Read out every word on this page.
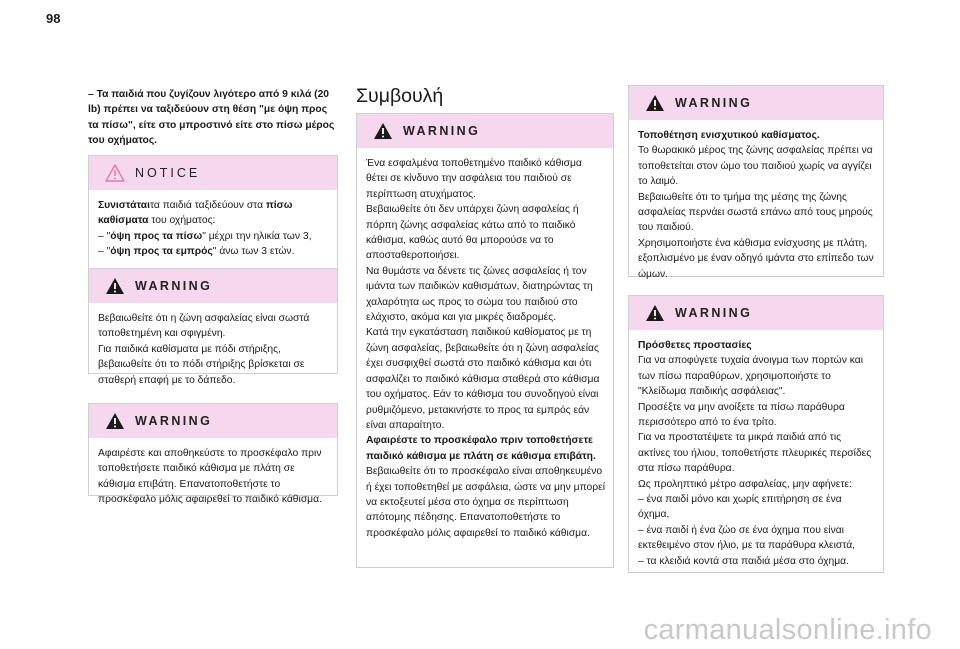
98

– Τα παιδιά που ζυγίζουν λιγότερο από 9 κιλά (20 lb) πρέπει να ταξιδεύουν στη θέση "με όψη προς τα πίσω", είτε στο μπροστινό είτε στο πίσω μέρος του οχήματος.

NOTICE

Συνιστάταιτα παιδιά ταξιδεύουν στα πίσω καθίσματα του οχήματος:

– "όψη προς τα πίσω" μέχρι την ηλικία των 3,

– "όψη προς τα εμπρός" άνω των 3 ετών.

WARNING

Βεβαιωθείτε ότι η ζώνη ασφαλείας είναι σωστά τοποθετημένη και σφιγμένη.
Για παιδικά καθίσματα με πόδι στήριξης, βεβαιωθείτε ότι το πόδι στήριξης βρίσκεται σε σταθερή επαφή με το δάπεδο.

WARNING

Αφαιρέστε και αποθηκεύστε το προσκέφαλο πριν τοποθετήσετε παιδικό κάθισμα με πλάτη σε κάθισμα επιβάτη. Επανατοποθετήστε το προσκέφαλο μόλις αφαιρεθεί το παιδικό κάθισμα.

Συμβουλή
WARNING

Ένα εσφαλμένα τοποθετημένο παιδικό κάθισμα θέτει σε κίνδυνο την ασφάλεια του παιδιού σε περίπτωση ατυχήματος.
Βεβαιωθείτε ότι δεν υπάρχει ζώνη ασφαλείας ή πόρπη ζώνης ασφαλείας κάτω από το παιδικό κάθισμα, καθώς αυτό θα μπορούσε να το αποσταθεροποιήσει.
Να θυμάστε να δένετε τις ζώνες ασφαλείας ή τον ιμάντα των παιδικών καθισμάτων, διατηρώντας τη χαλαρότητα ως προς το σώμα του παιδιού στο ελάχιστο, ακόμα και για μικρές διαδρομές.
Κατά την εγκατάσταση παιδικού καθίσματος με τη ζώνη ασφαλείας, βεβαιωθείτε ότι η ζώνη ασφαλείας έχει συσφιχθεί σωστά στο παιδικό κάθισμα και ότι ασφαλίζει το παιδικό κάθισμα σταθερά στο κάθισμα του οχήματος. Εάν το κάθισμα του συνοδηγού είναι ρυθμιζόμενο, μετακινήστε το προς τα εμπρός εάν είναι απαραίτητο.

Αφαιρέστε το προσκέφαλο πριν τοποθετήσετε παιδικό κάθισμα με πλάτη σε κάθισμα επιβάτη.

Βεβαιωθείτε ότι το προσκέφαλο είναι αποθηκευμένο ή έχει τοποθετηθεί με ασφάλεια, ώστε να μην μπορεί να εκτοξευτεί μέσα στο όχημα σε περίπτωση απότομης πέδησης. Επανατοποθετήστε το προσκέφαλο μόλις αφαιρεθεί το παιδικό κάθισμα.

WARNING

Τοποθέτηση ενισχυτικού καθίσματος.

Το θωρακικό μέρος της ζώνης ασφαλείας πρέπει να τοποθετείται στον ώμο του παιδιού χωρίς να αγγίζει το λαιμό.
Βεβαιωθείτε ότι το τμήμα της μέσης της ζώνης ασφαλείας περνάει σωστά επάνω από τους μηρούς του παιδιού.
Χρησιμοποιήστε ένα κάθισμα ενίσχυσης με πλάτη, εξοπλισμένο με έναν οδηγό ιμάντα στο επίπεδο των ώμων.

WARNING

Πρόσθετες προστασίες

Για να αποφύγετε τυχαία άνοιγμα των πορτών και των πίσω παραθύρων, χρησιμοποιήστε το "Κλείδωμα παιδικής ασφάλειας".
Προσέξτε να μην ανοίξετε τα πίσω παράθυρα περισσότερο από το ένα τρίτο.
Για να προστατέψετε τα μικρά παιδιά από τις ακτίνες του ήλιου, τοποθετήστε πλευρικές περσίδες στα πίσω παράθυρα.
Ως προληπτικό μέτρο ασφαλείας, μην αφήνετε:
– ένα παιδί μόνο και χωρίς επιτήρηση σε ένα όχημα,
– ένα παιδί ή ένα ζώο σε ένα όχημα που είναι εκτεθειμένο στον ήλιο, με τα παράθυρα κλειστά,
– τα κλειδιά κοντά στα παιδιά μέσα στο όχημα.

carmanualsonline.info
